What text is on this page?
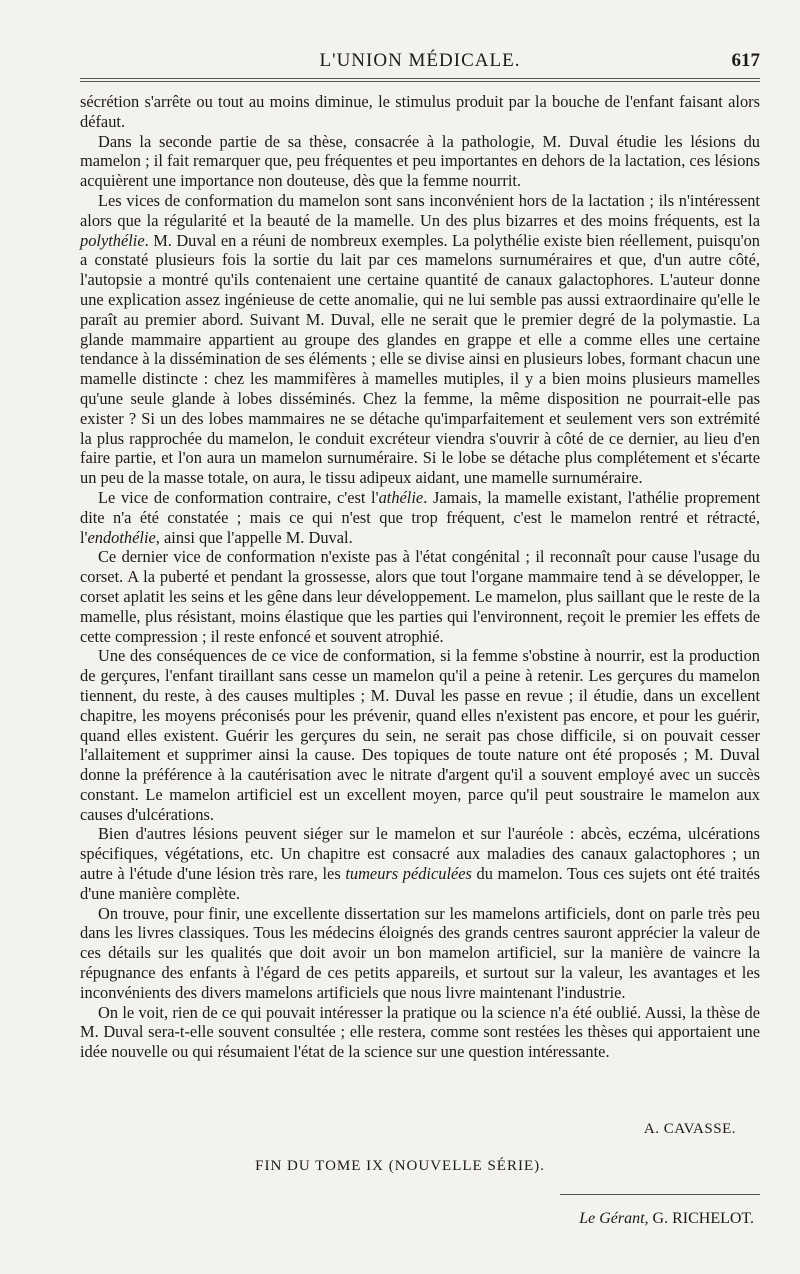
L'UNION MÉDICALE.	617

sécrétion s'arrête ou tout au moins diminue, le stimulus produit par la bouche de l'enfant faisant alors défaut.

Dans la seconde partie de sa thèse, consacrée à la pathologie, M. Duval étudie les lésions du mamelon ; il fait remarquer que, peu fréquentes et peu importantes en dehors de la lactation, ces lésions acquièrent une importance non douteuse, dès que la femme nourrit.

Les vices de conformation du mamelon sont sans inconvénient hors de la lactation ; ils n'intéressent alors que la régularité et la beauté de la mamelle. Un des plus bizarres et des moins fréquents, est la polythélie. M. Duval en a réuni de nombreux exemples. La polythélie existe bien réellement, puisqu'on a constaté plusieurs fois la sortie du lait par ces mamelons surnuméraires et que, d'un autre côté, l'autopsie a montré qu'ils contenaient une certaine quantité de canaux galactophores. L'auteur donne une explication assez ingénieuse de cette anomalie, qui ne lui semble pas aussi extraordinaire qu'elle le paraît au premier abord. Suivant M. Duval, elle ne serait que le premier degré de la polymastie. La glande mammaire appartient au groupe des glandes en grappe et elle a comme elles une certaine tendance à la dissémination de ses éléments ; elle se divise ainsi en plusieurs lobes, formant chacun une mamelle distincte : chez les mammifères à mamelles mutiples, il y a bien moins plusieurs mamelles qu'une seule glande à lobes disséminés. Chez la femme, la même disposition ne pourrait-elle pas exister ? Si un des lobes mammaires ne se détache qu'imparfaitement et seulement vers son extrémité la plus rapprochée du mamelon, le conduit excréteur viendra s'ouvrir à côté de ce dernier, au lieu d'en faire partie, et l'on aura un mamelon surnuméraire. Si le lobe se détache plus complétement et s'écarte un peu de la masse totale, on aura, le tissu adipeux aidant, une mamelle surnuméraire.

Le vice de conformation contraire, c'est l'athélie. Jamais, la mamelle existant, l'athélie proprement dite n'a été constatée ; mais ce qui n'est que trop fréquent, c'est le mamelon rentré et rétracté, l'endothélie, ainsi que l'appelle M. Duval.

Ce dernier vice de conformation n'existe pas à l'état congénital ; il reconnaît pour cause l'usage du corset. A la puberté et pendant la grossesse, alors que tout l'organe mammaire tend à se développer, le corset aplatit les seins et les gêne dans leur développement. Le mamelon, plus saillant que le reste de la mamelle, plus résistant, moins élastique que les parties qui l'environnent, reçoit le premier les effets de cette compression ; il reste enfoncé et souvent atrophié.

Une des conséquences de ce vice de conformation, si la femme s'obstine à nourrir, est la production de gerçures, l'enfant tiraillant sans cesse un mamelon qu'il a peine à retenir. Les gerçures du mamelon tiennent, du reste, à des causes multiples ; M. Duval les passe en revue ; il étudie, dans un excellent chapitre, les moyens préconisés pour les prévenir, quand elles n'existent pas encore, et pour les guérir, quand elles existent. Guérir les gerçures du sein, ne serait pas chose difficile, si on pouvait cesser l'allaitement et supprimer ainsi la cause. Des topiques de toute nature ont été proposés ; M. Duval donne la préférence à la cautérisation avec le nitrate d'argent qu'il a souvent employé avec un succès constant. Le mamelon artificiel est un excellent moyen, parce qu'il peut soustraire le mamelon aux causes d'ulcérations.

Bien d'autres lésions peuvent siéger sur le mamelon et sur l'auréole : abcès, eczéma, ulcérations spécifiques, végétations, etc. Un chapitre est consacré aux maladies des canaux galactophores ; un autre à l'étude d'une lésion très rare, les tumeurs pédiculées du mamelon. Tous ces sujets ont été traités d'une manière complète.

On trouve, pour finir, une excellente dissertation sur les mamelons artificiels, dont on parle très peu dans les livres classiques. Tous les médecins éloignés des grands centres sauront apprécier la valeur de ces détails sur les qualités que doit avoir un bon mamelon artificiel, sur la manière de vaincre la répugnance des enfants à l'égard de ces petits appareils, et surtout sur la valeur, les avantages et les inconvénients des divers mamelons artificiels que nous livre maintenant l'industrie.

On le voit, rien de ce qui pouvait intéresser la pratique ou la science n'a été oublié. Aussi, la thèse de M. Duval sera-t-elle souvent consultée ; elle restera, comme sont restées les thèses qui apportaient une idée nouvelle ou qui résumaient l'état de la science sur une question intéressante.

A. CAVASSE.
FIN DU TOME IX (NOUVELLE SÉRIE).
Le Gérant, G. RICHELOT.
